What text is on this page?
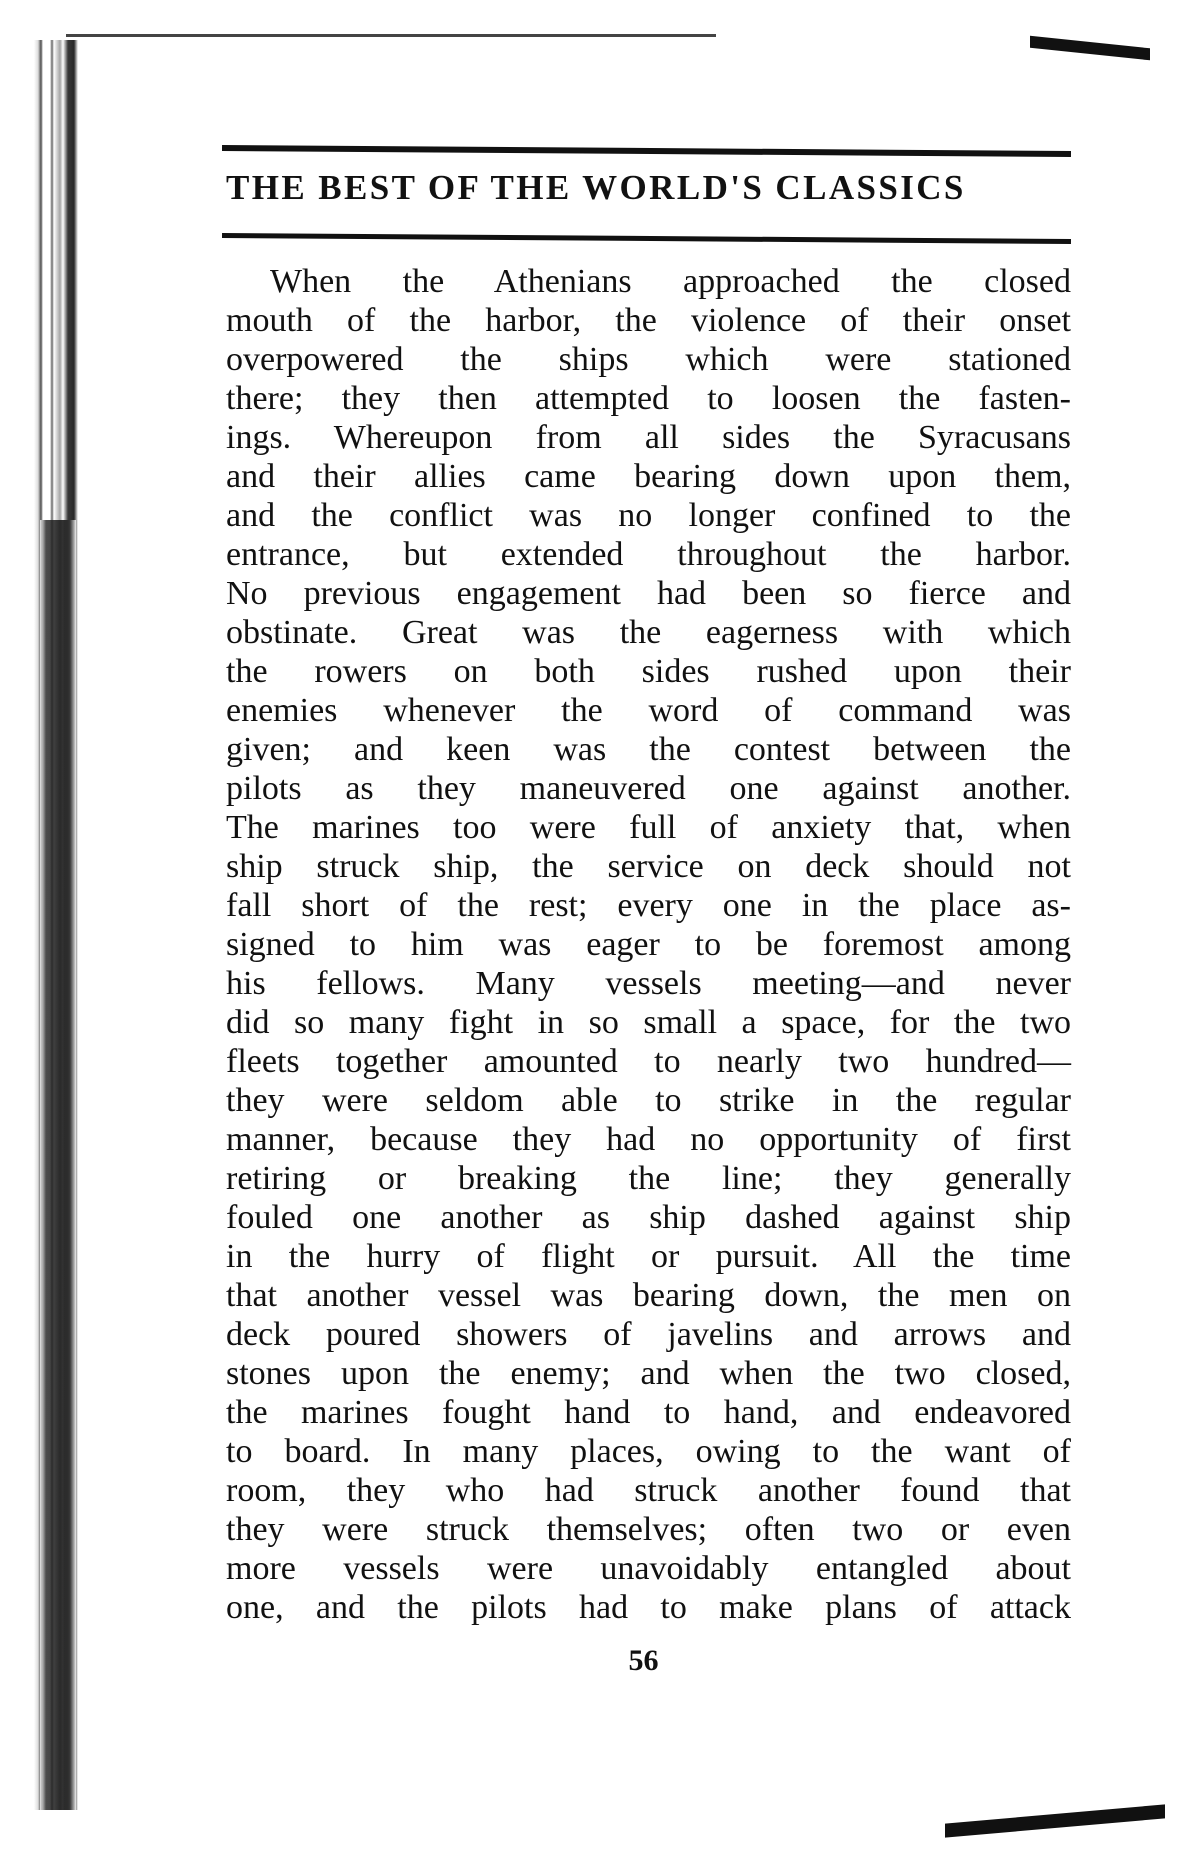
THE BEST OF THE WORLD'S CLASSICS
When the Athenians approached the closed
mouth of the harbor, the violence of their onset
overpowered the ships which were stationed
there; they then attempted to loosen the fasten-
ings. Whereupon from all sides the Syracusans
and their allies came bearing down upon them,
and the conflict was no longer confined to the
entrance, but extended throughout the harbor.
No previous engagement had been so fierce and
obstinate. Great was the eagerness with which
the rowers on both sides rushed upon their
enemies whenever the word of command was
given; and keen was the contest between the
pilots as they maneuvered one against another.
The marines too were full of anxiety that, when
ship struck ship, the service on deck should not
fall short of the rest; every one in the place as-
signed to him was eager to be foremost among
his fellows. Many vessels meeting—and never
did so many fight in so small a space, for the two
fleets together amounted to nearly two hundred—
they were seldom able to strike in the regular
manner, because they had no opportunity of first
retiring or breaking the line; they generally
fouled one another as ship dashed against ship
in the hurry of flight or pursuit. All the time
that another vessel was bearing down, the men on
deck poured showers of javelins and arrows and
stones upon the enemy; and when the two closed,
the marines fought hand to hand, and endeavored
to board. In many places, owing to the want of
room, they who had struck another found that
they were struck themselves; often two or even
more vessels were unavoidably entangled about
one, and the pilots had to make plans of attack
56
